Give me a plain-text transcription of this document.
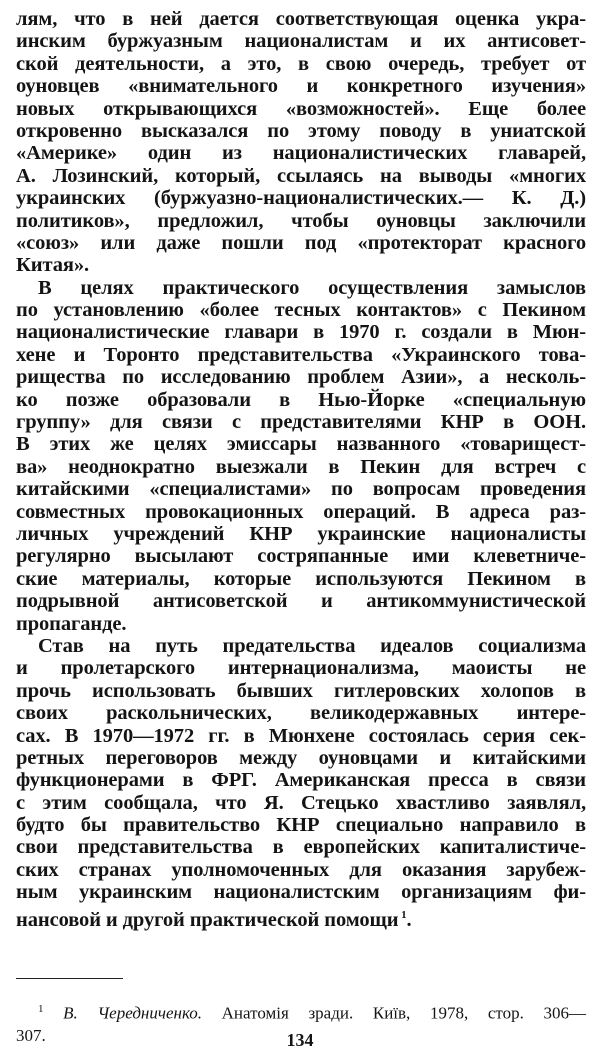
лям, что в ней дается соответствующая оценка укра-
инским буржуазным националистам и их антисовет-
ской деятельности, а это, в свою очередь, требует от
оуновцев «внимательного и конкретного изучения»
новых открывающихся «возможностей». Еще более
откровенно высказался по этому поводу в униатской
«Америке» один из националистических главарей,
А. Лозинский, который, ссылаясь на выводы «многих
украинских (буржуазно-националистических.— К. Д.)
политиков», предложил, чтобы оуновцы заключили
«союз» или даже пошли под «протекторат красного
Китая».
В целях практического осуществления замыслов
по установлению «более тесных контактов» с Пекином
националистические главари в 1970 г. создали в Мюн-
хене и Торонто представительства «Украинского това-
рищества по исследованию проблем Азии», а несколь-
ко позже образовали в Нью-Йорке «специальную
группу» для связи с представителями КНР в ООН.
В этих же целях эмиссары названного «товарищест-
ва» неоднократно выезжали в Пекин для встреч с
китайскими «специалистами» по вопросам проведения
совместных провокационных операций. В адреса раз-
личных учреждений КНР украинские националисты
регулярно высылают состряпанные ими клеветниче-
ские материалы, которые используются Пекином в
подрывной антисоветской и антикоммунистической
пропаганде.
Став на путь предательства идеалов социализма
и пролетарского интернационализма, маоисты не
прочь использовать бывших гитлеровских холопов в
своих раскольнических, великодержавных интере-
сах. В 1970—1972 гг. в Мюнхене состоялась серия сек-
ретных переговоров между оуновцами и китайскими
функционерами в ФРГ. Американская пресса в связи
с этим сообщала, что Я. Стецько хвастливо заявлял,
будто бы правительство КНР специально направило в
свои представительства в европейских капиталистиче-
ских странах уполномоченных для оказания зарубеж-
ным украинским националистским организациям фи-
нансовой и другой практической помощи $^1$.
$^1$ В. Чередниченко. Анатомія зради. Київ, 1978, стор. 306—
307.	134
